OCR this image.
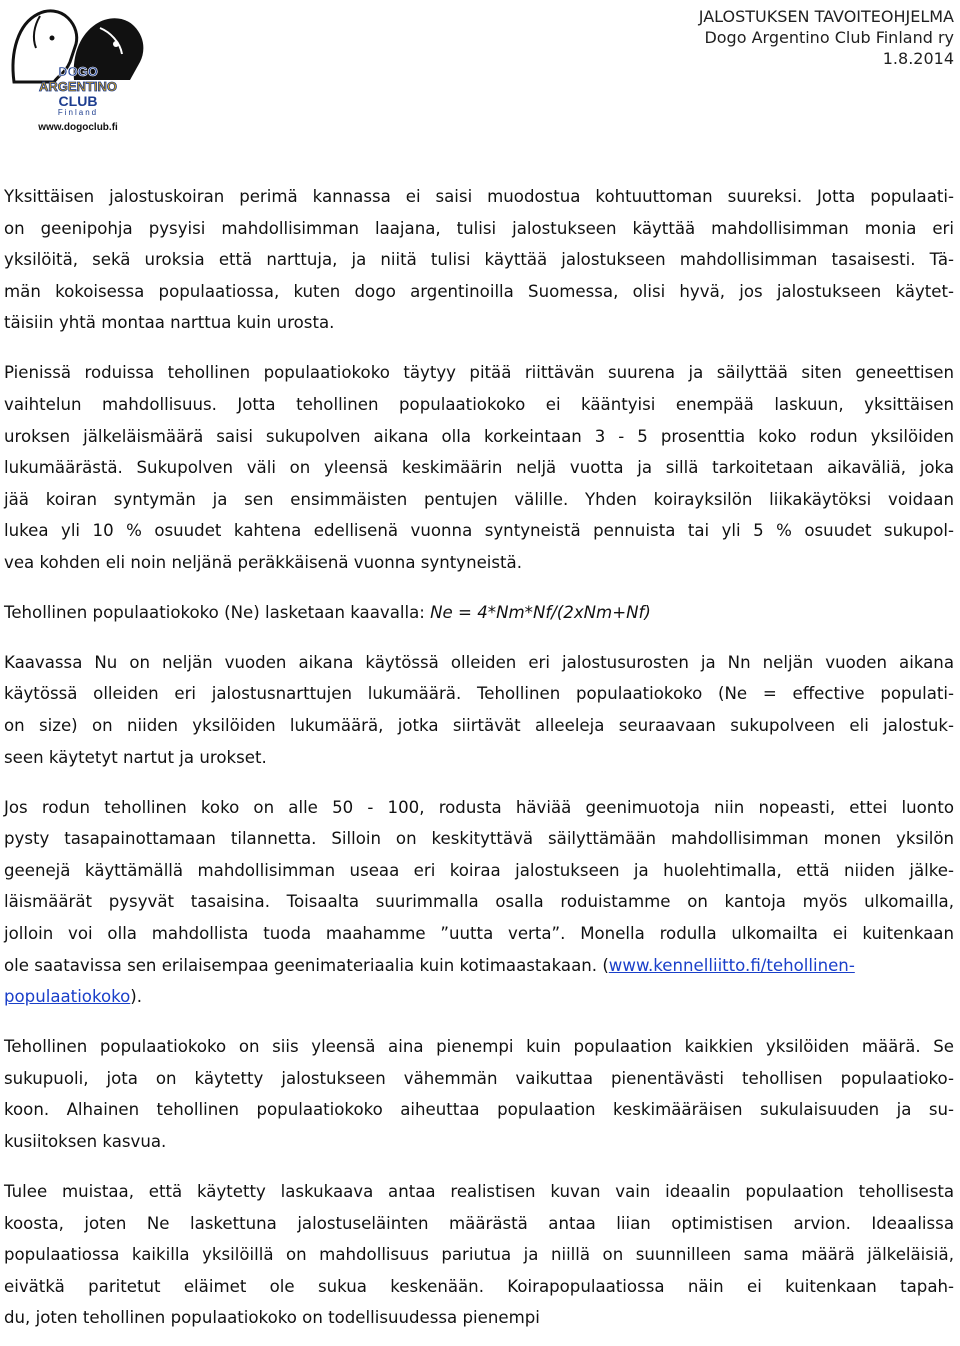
DOGO
ARGENTINO
CLUB
Finland
www.dogoclub.fi
JALOSTUKSEN TAVOITEOHJELMA
Dogo Argentino Club Finland ry
1.8.2014

Yksittäisen jalostuskoiran perimä kannassa ei saisi muodostua kohtuuttoman suureksi. Jotta populaati-
on geenipohja pysyisi mahdollisimman laajana, tulisi jalostukseen käyttää mahdollisimman monia eri
yksilöitä, sekä uroksia että narttuja, ja niitä tulisi käyttää jalostukseen mahdollisimman tasaisesti. Tä-
män kokoisessa populaatiossa, kuten dogo argentinoilla Suomessa, olisi hyvä, jos jalostukseen käytet-
täisiin yhtä montaa narttua kuin urosta.

Pienissä roduissa tehollinen populaatiokoko täytyy pitää riittävän suurena ja säilyttää siten geneettisen
vaihtelun mahdollisuus. Jotta tehollinen populaatiokoko ei kääntyisi enempää laskuun, yksittäisen
uroksen jälkeläismäärä saisi sukupolven aikana olla korkeintaan 3 - 5 prosenttia koko rodun yksilöiden
lukumäärästä. Sukupolven väli on yleensä keskimäärin neljä vuotta ja sillä tarkoitetaan aikaväliä, joka
jää koiran syntymän ja sen ensimmäisten pentujen välille. Yhden koirayksilön liikakäytöksi voidaan
lukea yli 10 % osuudet kahtena edellisenä vuonna syntyneistä pennuista tai yli 5 % osuudet sukupol-
vea kohden eli noin neljänä peräkkäisenä vuonna syntyneistä.

Tehollinen populaatiokoko (Ne) lasketaan kaavalla: Ne = 4*Nm*Nf/(2xNm+Nf)

Kaavassa Nu on neljän vuoden aikana käytössä olleiden eri jalostusurosten ja Nn neljän vuoden aikana
käytössä olleiden eri jalostusnarttujen lukumäärä. Tehollinen populaatiokoko (Ne = effective populati-
on size) on niiden yksilöiden lukumäärä, jotka siirtävät alleeleja seuraavaan sukupolveen eli jalostuk-
seen käytetyt nartut ja urokset.

Jos rodun tehollinen koko on alle 50 - 100, rodusta häviää geenimuotoja niin nopeasti, ettei luonto
pysty tasapainottamaan tilannetta. Silloin on keskityttävä säilyttämään mahdollisimman monen yksilön
geenejä käyttämällä mahdollisimman useaa eri koiraa jalostukseen ja huolehtimalla, että niiden jälke-
läismäärät pysyvät tasaisina. Toisaalta suurimmalla osalla roduistamme on kantoja myös ulkomailla,
jolloin voi olla mahdollista tuoda maahamme ”uutta verta”. Monella rodulla ulkomailta ei kuitenkaan
ole saatavissa sen erilaisempaa geenimateriaalia kuin kotimaastakaan. (www.kennelliitto.fi/tehollinen-
populaatiokoko).

Tehollinen populaatiokoko on siis yleensä aina pienempi kuin populaation kaikkien yksilöiden määrä. Se
sukupuoli, jota on käytetty jalostukseen vähemmän vaikuttaa pienentävästi tehollisen populaatioko-
koon. Alhainen tehollinen populaatiokoko aiheuttaa populaation keskimääräisen sukulaisuuden ja su-
kusiitoksen kasvua.

Tulee muistaa, että käytetty laskukaava antaa realistisen kuvan vain ideaalin populaation tehollisesta
koosta, joten Ne laskettuna jalostuseläinten määrästä antaa liian optimistisen arvion. Ideaalissa
populaatiossa kaikilla yksilöillä on mahdollisuus pariutua ja niillä on suunnilleen sama määrä jälkeläisiä,
eivätkä paritetut eläimet ole sukua keskenään. Koirapopulaatiossa näin ei kuitenkaan tapah-
du, joten tehollinen populaatiokoko on todellisuudessa pienempi
